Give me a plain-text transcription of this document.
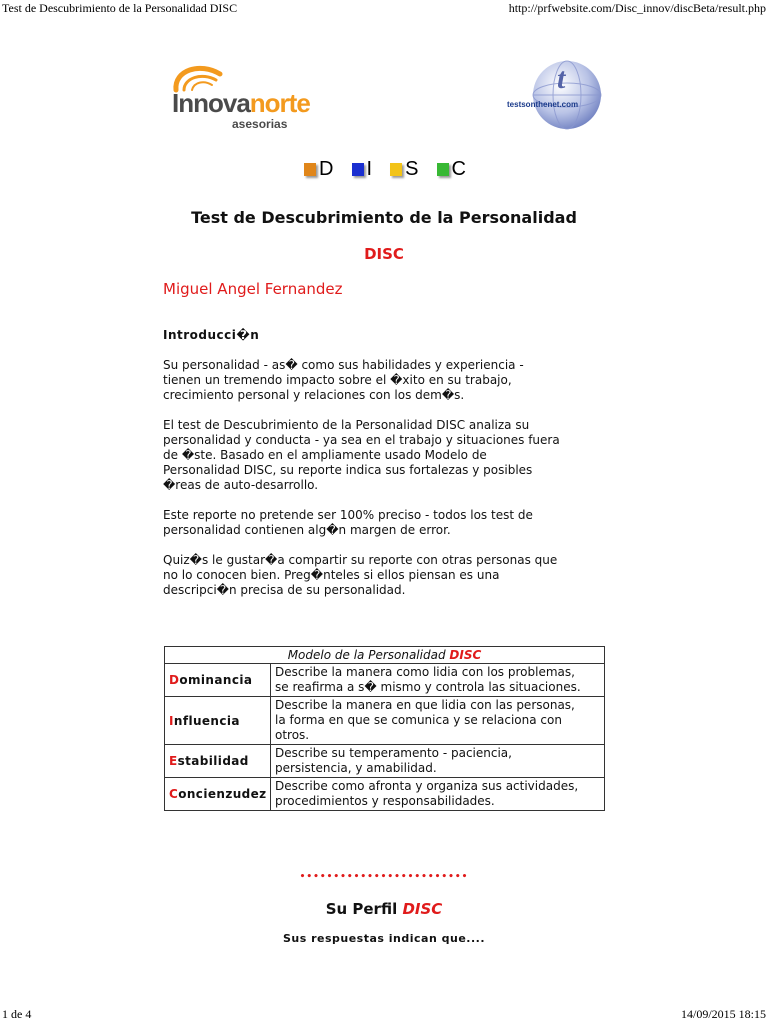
Test de Descubrimiento de la Personalidad DISC	http://prfwebsite.com/Disc_innov/discBeta/result.php
Innovanorte
asesorias
t
testsonthenet.com
D I S C
Test de Descubrimiento de la Personalidad
DISC
Miguel Angel Fernandez
Introducci�n

Su personalidad - as� como sus habilidades y experiencia -
tienen un tremendo impacto sobre el �xito en su trabajo,
crecimiento personal y relaciones con los dem�s.

El test de Descubrimiento de la Personalidad DISC analiza su
personalidad y conducta - ya sea en el trabajo y situaciones fuera
de �ste. Basado en el ampliamente usado Modelo de
Personalidad DISC, su reporte indica sus fortalezas y posibles
�reas de auto-desarrollo.

Este reporte no pretende ser 100% preciso - todos los test de
personalidad contienen alg�n margen de error.

Quiz�s le gustar�a compartir su reporte con otras personas que
no lo conocen bien. Preg�nteles si ellos piensan es una
descripci�n precisa de su personalidad.

Modelo de la Personalidad DISC	
Dominancia	Describe la manera como lidia con los problemas,
se reafirma a s� mismo y controla las situaciones.

Influencia	Describe la manera en que lidia con las personas,
la forma en que se comunica y se relaciona con
otros.

Estabilidad	Describe su temperamento - paciencia,
persistencia, y amabilidad.

Concienzudez	Describe como afronta y organiza sus actividades,
procedimientos y responsabilidades.
•••••••••••••••••••••••••
Su Perfil DISC
Sus respuestas indican que....
1 de 4	14/09/2015 18:15
